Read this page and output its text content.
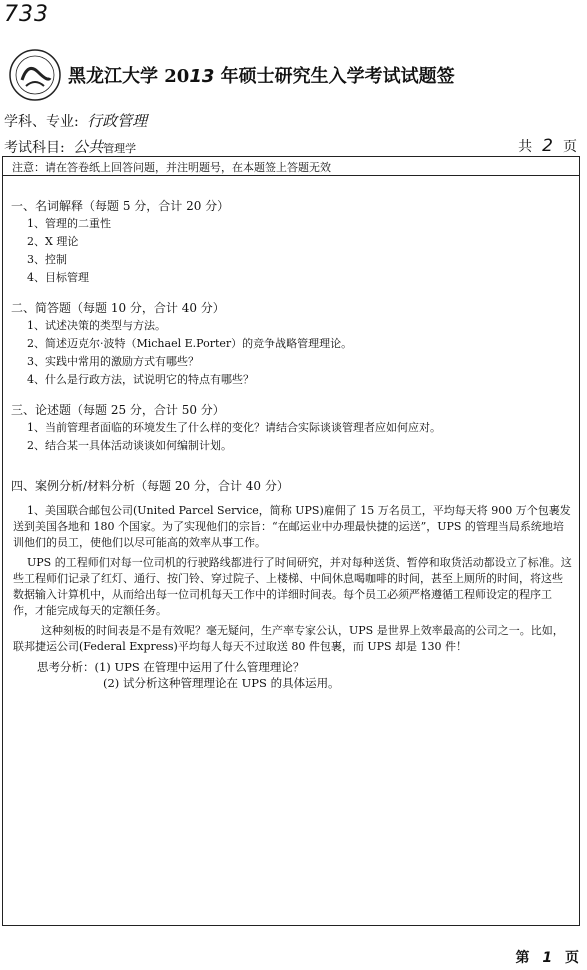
733
黑龙江大学 2013 年硕士研究生入学考试试题签
学科、专业: 行政管理
考试科目: 公共管理学	共 2 页
注意：请在答卷纸上回答问题，并注明题号，在本题签上答题无效
一、名词解释（每题 5 分，合计 20 分）
1、管理的二重性
2、X 理论
3、控制
4、目标管理
二、简答题（每题 10 分，合计 40 分）
1、试述决策的类型与方法。
2、简述迈克尔·波特（Michael E.Porter）的竞争战略管理理论。
3、实践中常用的激励方式有哪些？
4、什么是行政方法，试说明它的特点有哪些？
三、论述题（每题 25 分，合计 50 分）
1、当前管理者面临的环境发生了什么样的变化？请结合实际谈谈管理者应如何应对。
2、结合某一具体活动谈谈如何编制计划。
四、案例分析/材料分析（每题 20 分，合计 40 分）
1、美国联合邮包公司(United Parcel Service，简称 UPS)雇佣了 15 万名员工，平均每天将 900 万个包裹发送到美国各地和 180 个国家。为了实现他们的宗旨：“在邮运业中办理最快捷的运送”，UPS 的管理当局系统地培训他们的员工，使他们以尽可能高的效率从事工作。
UPS 的工程师们对每一位司机的行驶路线都进行了时间研究，并对每种送货、暂停和取货活动都设立了标准。这些工程师们记录了红灯、通行、按门铃、穿过院子、上楼梯、中间休息喝咖啡的时间，甚至上厕所的时间，将这些数据输入计算机中，从而给出每一位司机每天工作中的详细时间表。每个员工必须严格遵循工程师设定的程序工作，才能完成每天的定额任务。
这种刻板的时间表是不是有效呢？毫无疑问，生产率专家公认，UPS 是世界上效率最高的公司之一。比如，联邦捷运公司(Federal Express)平均每人每天不过取送 80 件包裹，而 UPS 却是 130 件！
思考分析：(1) UPS 在管理中运用了什么管理理论？
(2) 试分析这种管理理论在 UPS 的具体运用。
第 1 页
